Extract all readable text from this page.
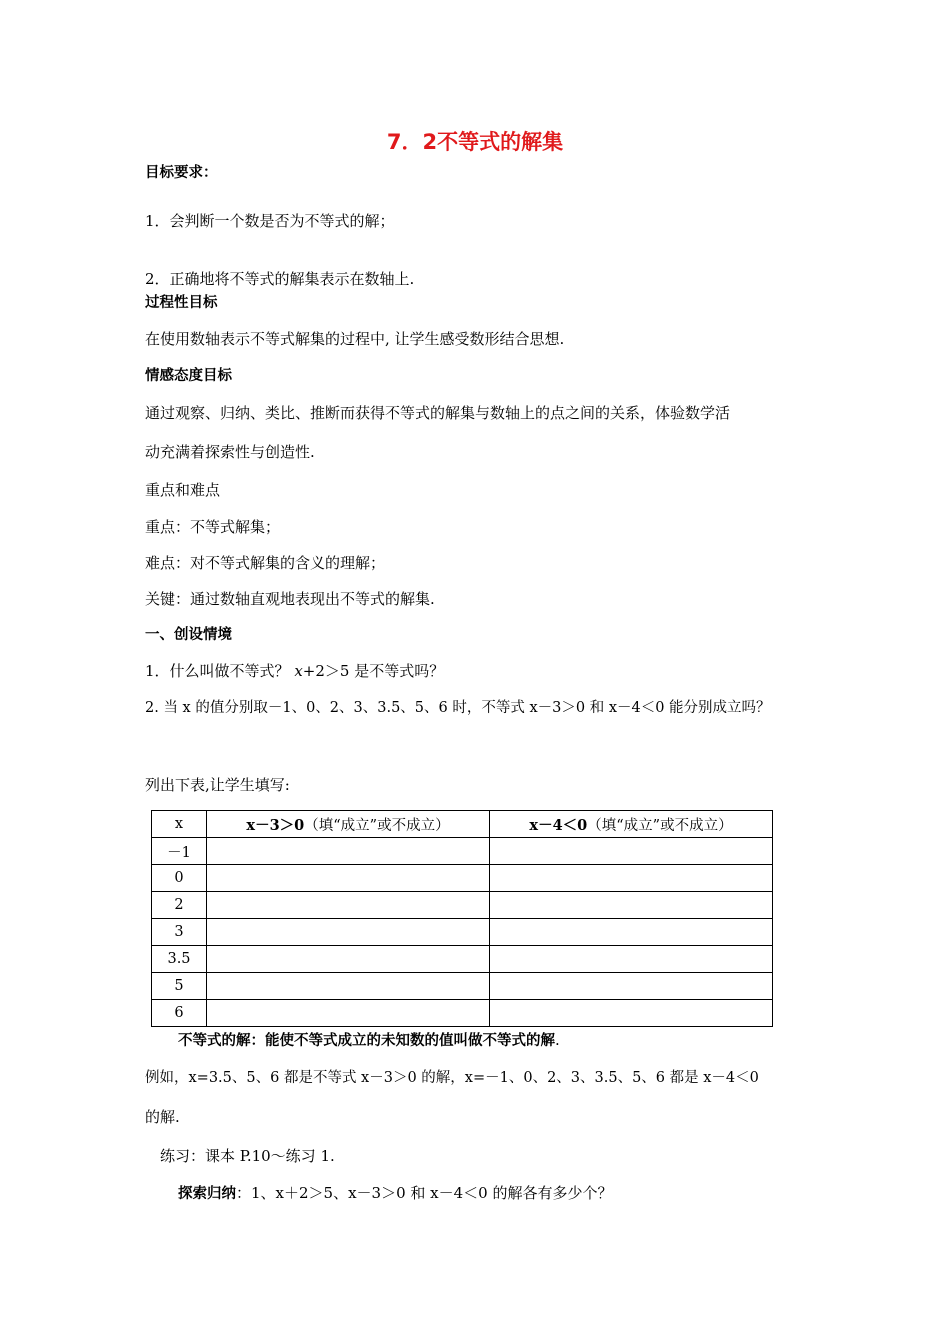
7．2不等式的解集
目标要求：
1．会判断一个数是否为不等式的解；
2．正确地将不等式的解集表示在数轴上.
过程性目标
在使用数轴表示不等式解集的过程中, 让学生感受数形结合思想.
情感态度目标
通过观察、归纳、类比、推断而获得不等式的解集与数轴上的点之间的关系，体验数学活
动充满着探索性与创造性.
重点和难点
重点：不等式解集；
难点：对不等式解集的含义的理解；
关键：通过数轴直观地表现出不等式的解集.
一、创设情境
1．什么叫做不等式？ x+2＞5 是不等式吗？
2. 当 x 的值分别取－1、0、2、3、3.5、5、6 时，不等式 x－3＞0 和 x－4＜0 能分别成立吗？
列出下表,让学生填写:
x	x－3＞0（填“成立”或不成立）	x－4＜0（填“成立”或不成立）
－1		
0		
2		
3		
3.5		
5		
6		
不等式的解：能使不等式成立的未知数的值叫做不等式的解.
例如，x=3.5、5、6 都是不等式 x－3＞0 的解，x=－1、0、2、3、3.5、5、6 都是 x－4＜0
的解.
练习：课本 P.10～练习 1.
探索归纳：1、x＋2＞5、x－3＞0 和 x－4＜0 的解各有多少个？
